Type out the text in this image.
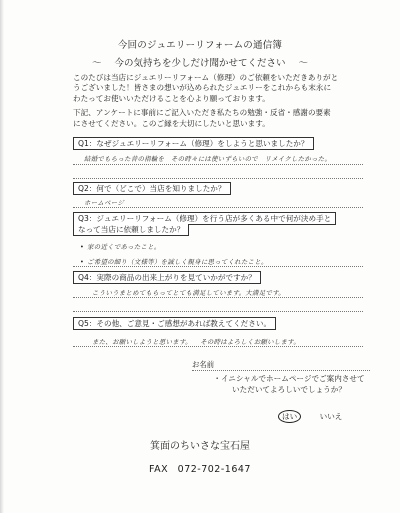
今回のジュエリーリフォームの通信簿
～ 今の気持ちを少しだけ聞かせてください ～

このたびは当店にジュエリーリフォーム（修理）のご依頼をいただきありがと
うございました！皆さまの想いが込められたジュエリーをこれからも末永に
わたってお使いいただけることを心より願っております。

下記、アンケートに事前にご記入いただき私たちの勉強・反省・感謝の要素
にさせてください。このご縁を大切にしたいと思います。

Q1：なぜジュエリーリフォーム（修理）をしようと思いましたか？
結婚でもらった昔の指輪を　その時々には使いずらいので　リメイクしたかった。
Q2：何で（どこで）当店を知りましたか？
ホームページ
Q3：ジュエリーリフォーム（修理）を行う店が多くある中で何が決め手と
なって当店に依頼しましたか？
• 家の近くであったこと。
• ご希望の細り（文様等）を誠しく親身に思ってくれたこと。
Q4：実際の商品の出来上がりを見ていかがですか？
こういうまとめてもらってとても満足しています。大満足です。
Q5：その他、ご意見・ご感想があれば教えてください。
また、お願いしようと思います。 その時はよろしくお願いします。
お名前
・イニシャルでホームページでご案内させて
いただいてよろしいでしょうか？
はい	いいえ
箕面のちいさな宝石屋
FAX 072-702-1647
